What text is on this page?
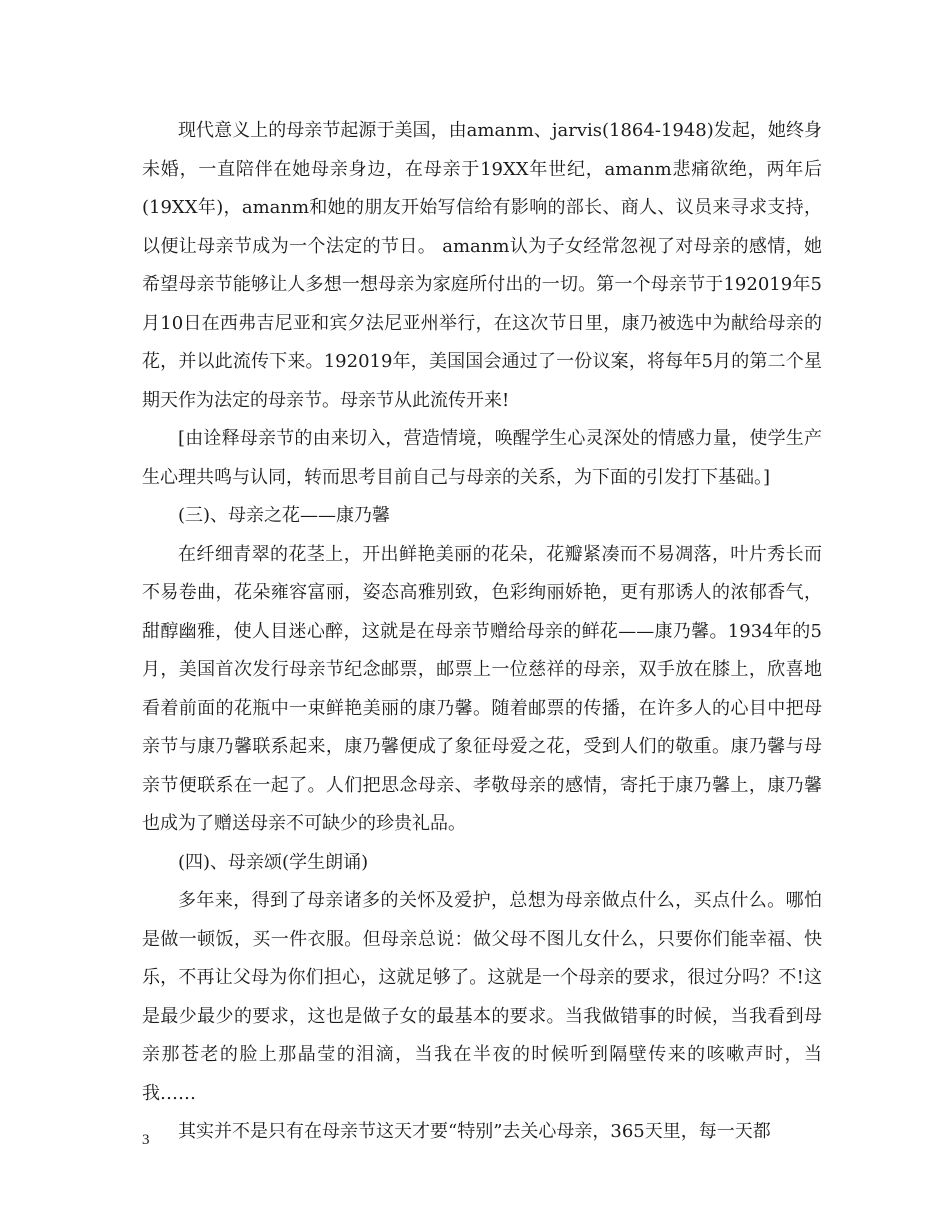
现代意义上的母亲节起源于美国，由amanm、jarvis(1864-1948)发起，她终身未婚，一直陪伴在她母亲身边，在母亲于19XX年世纪，amanm悲痛欲绝，两年后(19XX年)，amanm和她的朋友开始写信给有影响的部长、商人、议员来寻求支持，以便让母亲节成为一个法定的节日。 amanm认为子女经常忽视了对母亲的感情，她希望母亲节能够让人多想一想母亲为家庭所付出的一切。第一个母亲节于192019年5月10日在西弗吉尼亚和宾夕法尼亚州举行，在这次节日里，康乃被选中为献给母亲的花，并以此流传下来。192019年，美国国会通过了一份议案，将每年5月的第二个星期天作为法定的母亲节。母亲节从此流传开来!

[由诠释母亲节的由来切入，营造情境，唤醒学生心灵深处的情感力量，使学生产生心理共鸣与认同，转而思考目前自己与母亲的关系，为下面的引发打下基础。]

(三)、母亲之花——康乃馨

在纤细青翠的花茎上，开出鲜艳美丽的花朵，花瓣紧凑而不易凋落，叶片秀长而不易卷曲，花朵雍容富丽，姿态高雅别致，色彩绚丽娇艳，更有那诱人的浓郁香气，甜醇幽雅，使人目迷心醉，这就是在母亲节赠给母亲的鲜花——康乃馨。1934年的5月，美国首次发行母亲节纪念邮票，邮票上一位慈祥的母亲，双手放在膝上，欣喜地看着前面的花瓶中一束鲜艳美丽的康乃馨。随着邮票的传播，在许多人的心目中把母亲节与康乃馨联系起来，康乃馨便成了象征母爱之花，受到人们的敬重。康乃馨与母亲节便联系在一起了。人们把思念母亲、孝敬母亲的感情，寄托于康乃馨上，康乃馨也成为了赠送母亲不可缺少的珍贵礼品。

(四)、母亲颂(学生朗诵)

多年来，得到了母亲诸多的关怀及爱护，总想为母亲做点什么，买点什么。哪怕是做一顿饭，买一件衣服。但母亲总说：做父母不图儿女什么，只要你们能幸福、快乐，不再让父母为你们担心，这就足够了。这就是一个母亲的要求，很过分吗？不!这是最少最少的要求，这也是做子女的最基本的要求。当我做错事的时候，当我看到母亲那苍老的脸上那晶莹的泪滴，当我在半夜的时候听到隔壁传来的咳嗽声时，当我……

其实并不是只有在母亲节这天才要“特别”去关心母亲，365天里，每一天都

3
